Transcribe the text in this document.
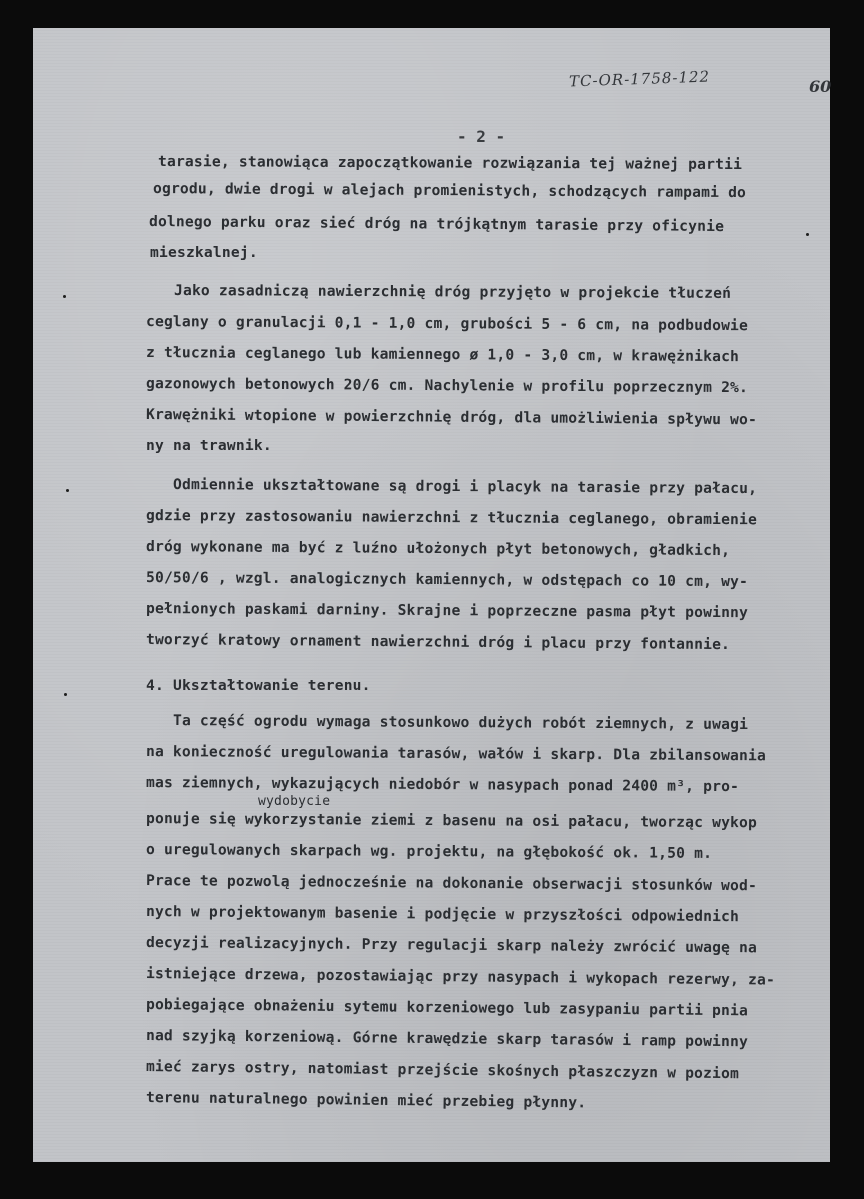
TC-OR-1758-122	60
- 2 -
tarasie, stanowiąca zapoczątkowanie rozwiązania tej ważnej partii
ogrodu, dwie drogi w alejach promienistych, schodzących rampami do
dolnego parku oraz sieć dróg na trójkątnym tarasie przy oficynie
mieszkalnej.
Jako zasadniczą nawierzchnię dróg przyjęto w projekcie tłuczeń
ceglany o granulacji 0,1 - 1,0 cm, grubości 5 - 6 cm, na podbudowie
z tłucznia ceglanego lub kamiennego ø 1,0 - 3,0 cm, w krawężnikach
gazonowych betonowych 20/6 cm. Nachylenie w profilu poprzecznym 2%.
Krawężniki wtopione w powierzchnię dróg, dla umożliwienia spływu wo-
ny na trawnik.
Odmiennie ukształtowane są drogi i placyk na tarasie przy pałacu,
gdzie przy zastosowaniu nawierzchni z tłucznia ceglanego, obramienie
dróg wykonane ma być z luźno ułożonych płyt betonowych, gładkich,
50/50/6 , wzgl. analogicznych kamiennych, w odstępach co 10 cm, wy-
pełnionych paskami darniny. Skrajne i poprzeczne pasma płyt powinny
tworzyć kratowy ornament nawierzchni dróg i placu przy fontannie.
4. Ukształtowanie terenu.
Ta część ogrodu wymaga stosunkowo dużych robót ziemnych, z uwagi
na konieczność uregulowania tarasów, wałów i skarp. Dla zbilansowania
mas ziemnych, wykazujących niedobór w nasypach ponad 2400 m³, pro-
wydobycie
ponuje się wykorzystanie ziemi z basenu na osi pałacu, tworząc wykop
o uregulowanych skarpach wg. projektu, na głębokość ok. 1,50 m.
Prace te pozwolą jednocześnie na dokonanie obserwacji stosunków wod-
nych w projektowanym basenie i podjęcie w przyszłości odpowiednich
decyzji realizacyjnych. Przy regulacji skarp należy zwrócić uwagę na
istniejące drzewa, pozostawiając przy nasypach i wykopach rezerwy, za-
pobiegające obnażeniu sytemu korzeniowego lub zasypaniu partii pnia
nad szyjką korzeniową. Górne krawędzie skarp tarasów i ramp powinny
mieć zarys ostry, natomiast przejście skośnych płaszczyzn w poziom
terenu naturalnego powinien mieć przebieg płynny.
